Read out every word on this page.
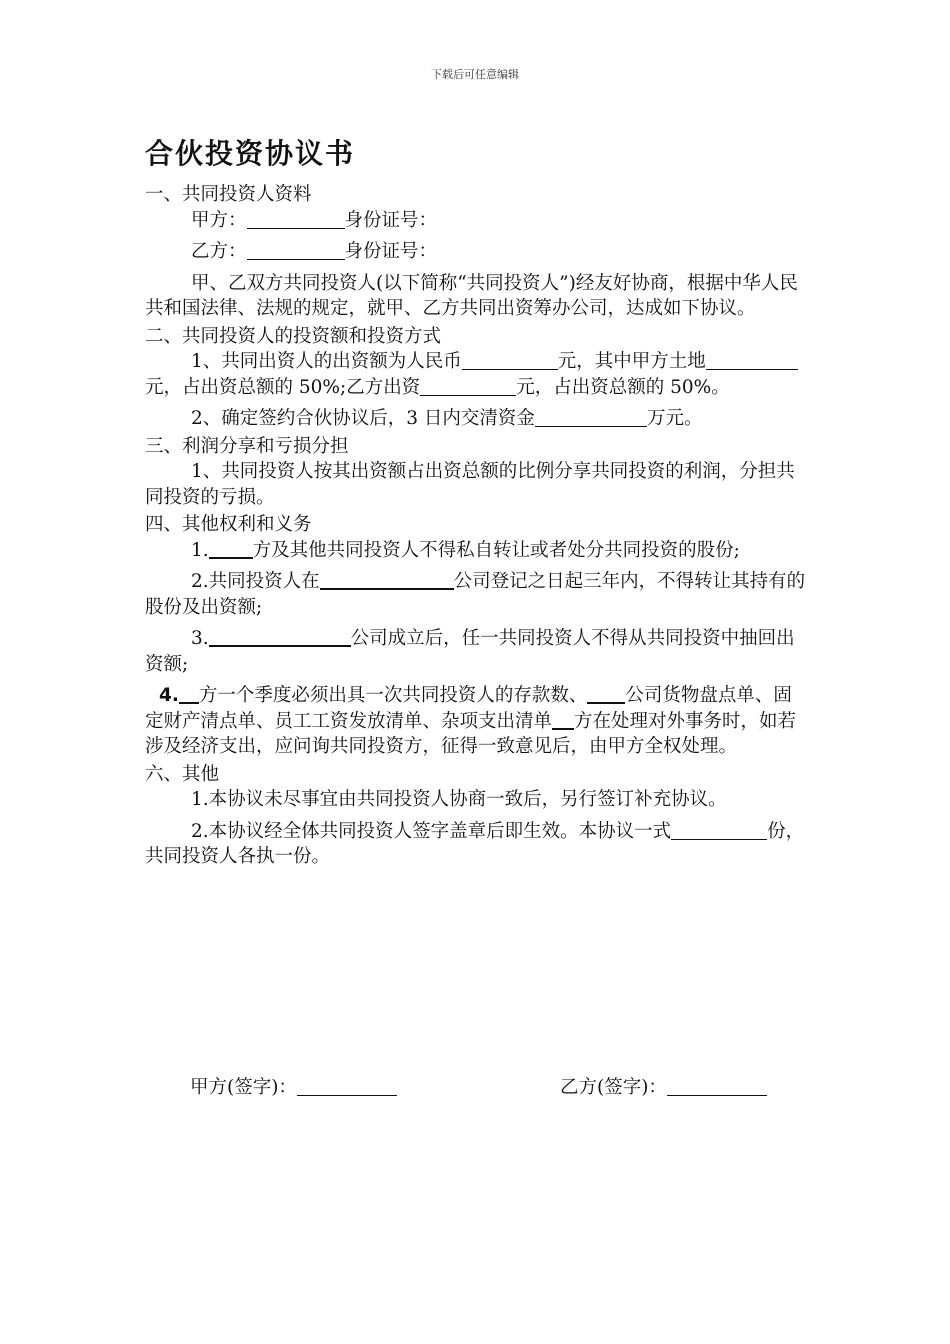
下载后可任意编辑
合伙投资协议书

一、共同投资人资料

甲方：	身份证号：

乙方：	身份证号：

甲、乙双方共同投资人(以下简称“共同投资人”)经友好协商，根据中华人民共和国法律、法规的规定，就甲、乙方共同出资筹办公司，达成如下协议。

二、共同投资人的投资额和投资方式

1、共同出资人的出资额为人民币	元，其中甲方土地元，占出资总额的 50%;乙方出资	元，占出资总额的 50%。

2、确定签约合伙协议后，3 日内交清资金	万元。

三、利润分享和亏损分担

1、共同投资人按其出资额占出资总额的比例分享共同投资的利润，分担共同投资的亏损。

四、其他权利和义务

1. 方及其他共同投资人不得私自转让或者处分共同投资的股份;

2.共同投资人在	公司登记之日起三年内，不得转让其持有的股份及出资额;

3.	公司成立后，任一共同投资人不得从共同投资中抽回出资额;

4. 方一个季度必须出具一次共同投资人的存款数、 公司货物盘点单、固定财产清点单、员工工资发放清单、杂项支出清单 方在处理对外事务时，如若涉及经济支出，应问询共同投资方，征得一致意见后，由甲方全权处理。

六、其他

1.本协议未尽事宜由共同投资人协商一致后，另行签订补充协议。

2.本协议经全体共同投资人签字盖章后即生效。本协议一式	份，共同投资人各执一份。

甲方(签字)：	乙方(签字)：
